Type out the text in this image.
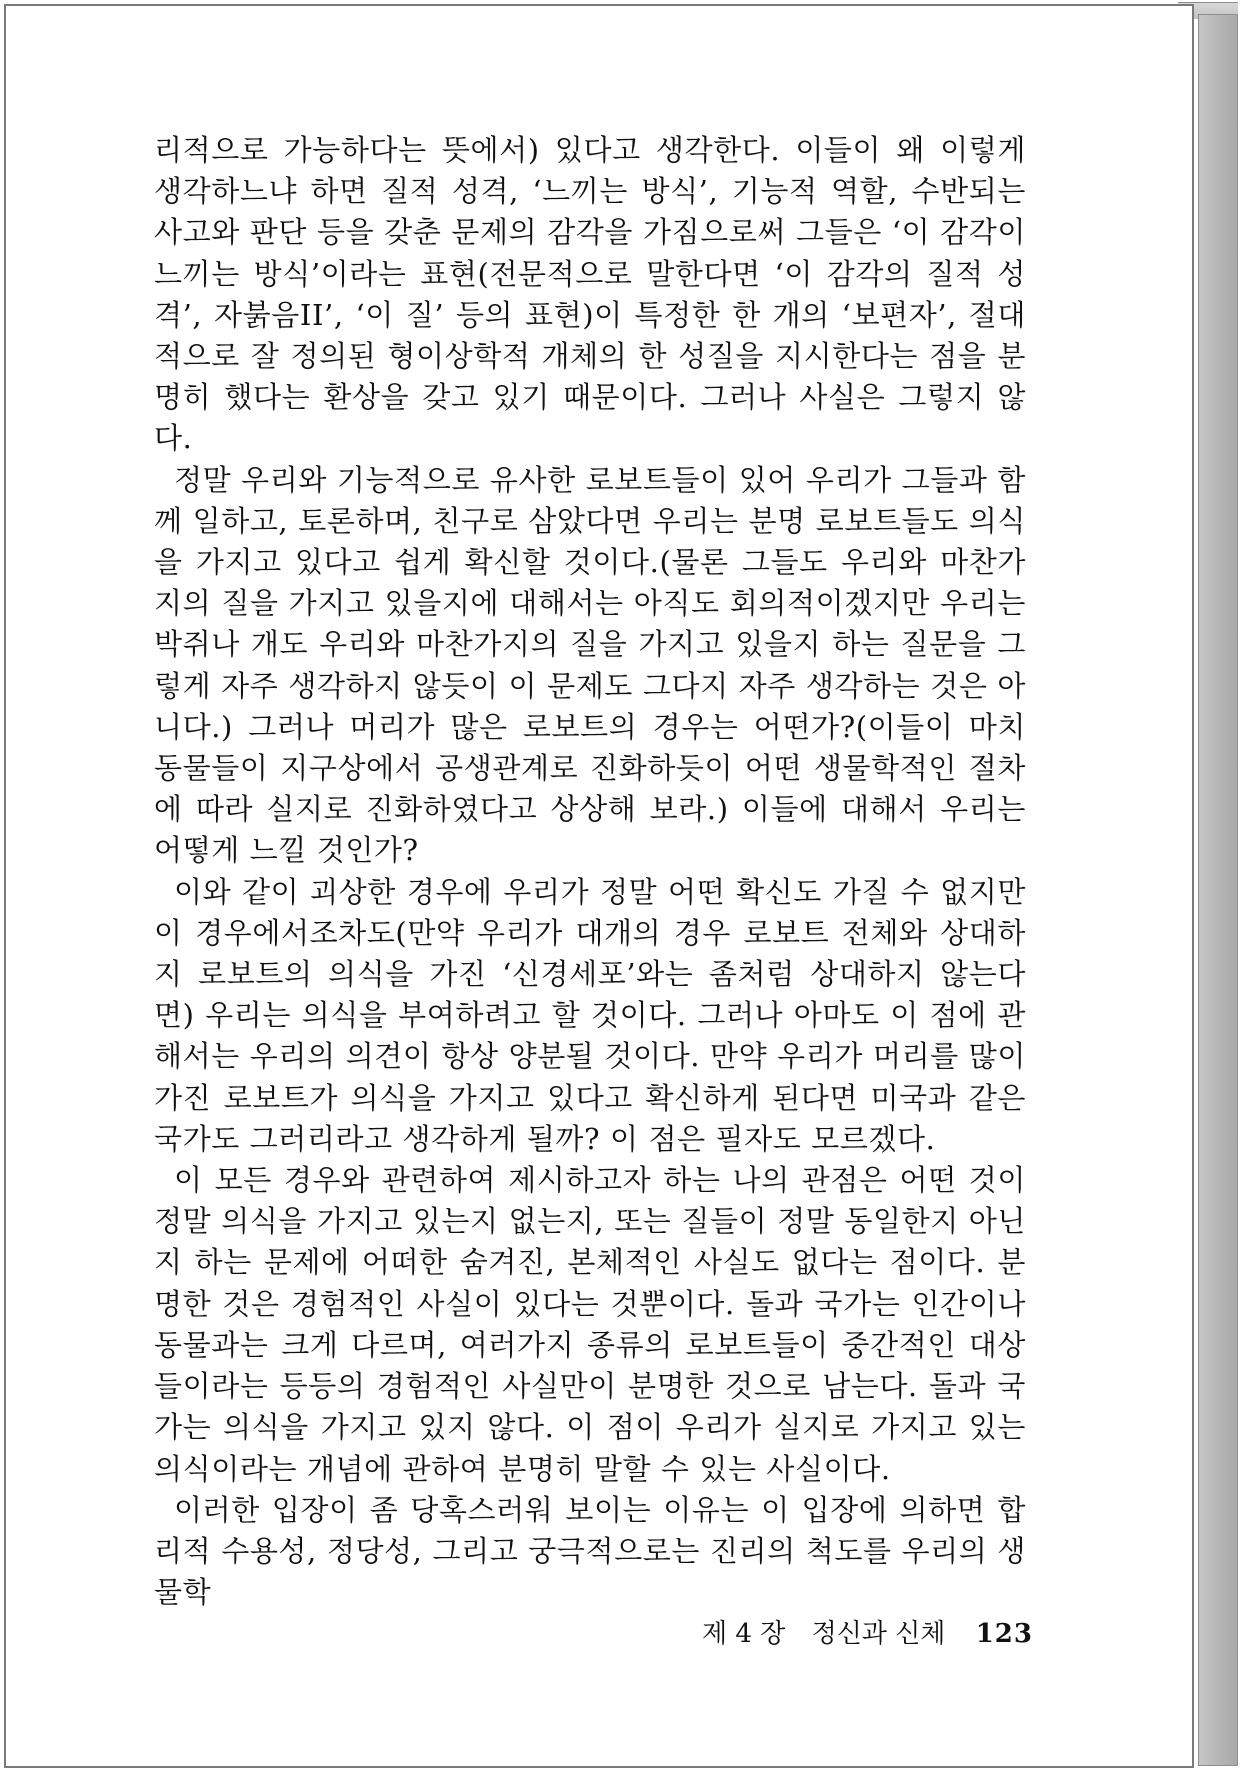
리적으로 가능하다는 뜻에서) 있다고 생각한다. 이들이 왜 이렇게 생각하느냐 하면 질적 성격, ‘느끼는 방식’, 기능적 역할, 수반되는 사고와 판단 등을 갖춘 문제의 감각을 가짐으로써 그들은 ‘이 감각이 느끼는 방식’이라는 표현(전문적으로 말한다면 ‘이 감각의 질적 성격’, 자붉음II’, ‘이 질’ 등의 표현)이 특정한 한 개의 ‘보편자’, 절대적으로 잘 정의된 형이상학적 개체의 한 성질을 지시한다는 점을 분명히 했다는 환상을 갖고 있기 때문이다. 그러나 사실은 그렇지 않다.

정말 우리와 기능적으로 유사한 로보트들이 있어 우리가 그들과 함께 일하고, 토론하며, 친구로 삼았다면 우리는 분명 로보트들도 의식을 가지고 있다고 쉽게 확신할 것이다.(물론 그들도 우리와 마찬가지의 질을 가지고 있을지에 대해서는 아직도 회의적이겠지만 우리는 박쥐나 개도 우리와 마찬가지의 질을 가지고 있을지 하는 질문을 그렇게 자주 생각하지 않듯이 이 문제도 그다지 자주 생각하는 것은 아니다.) 그러나 머리가 많은 로보트의 경우는 어떤가?(이들이 마치 동물들이 지구상에서 공생관계로 진화하듯이 어떤 생물학적인 절차에 따라 실지로 진화하였다고 상상해 보라.) 이들에 대해서 우리는 어떻게 느낄 것인가?

이와 같이 괴상한 경우에 우리가 정말 어떤 확신도 가질 수 없지만 이 경우에서조차도(만약 우리가 대개의 경우 로보트 전체와 상대하지 로보트의 의식을 가진 ‘신경세포’와는 좀처럼 상대하지 않는다면) 우리는 의식을 부여하려고 할 것이다. 그러나 아마도 이 점에 관해서는 우리의 의견이 항상 양분될 것이다. 만약 우리가 머리를 많이 가진 로보트가 의식을 가지고 있다고 확신하게 된다면 미국과 같은 국가도 그러리라고 생각하게 될까? 이 점은 필자도 모르겠다.

이 모든 경우와 관련하여 제시하고자 하는 나의 관점은 어떤 것이 정말 의식을 가지고 있는지 없는지, 또는 질들이 정말 동일한지 아닌지 하는 문제에 어떠한 숨겨진, 본체적인 사실도 없다는 점이다. 분명한 것은 경험적인 사실이 있다는 것뿐이다. 돌과 국가는 인간이나 동물과는 크게 다르며, 여러가지 종류의 로보트들이 중간적인 대상들이라는 등등의 경험적인 사실만이 분명한 것으로 남는다. 돌과 국가는 의식을 가지고 있지 않다. 이 점이 우리가 실지로 가지고 있는 의식이라는 개념에 관하여 분명히 말할 수 있는 사실이다.

이러한 입장이 좀 당혹스러워 보이는 이유는 이 입장에 의하면 합리적 수용성, 정당성, 그리고 궁극적으로는 진리의 척도를 우리의 생물학

제 4 장 정신과 신체 123
